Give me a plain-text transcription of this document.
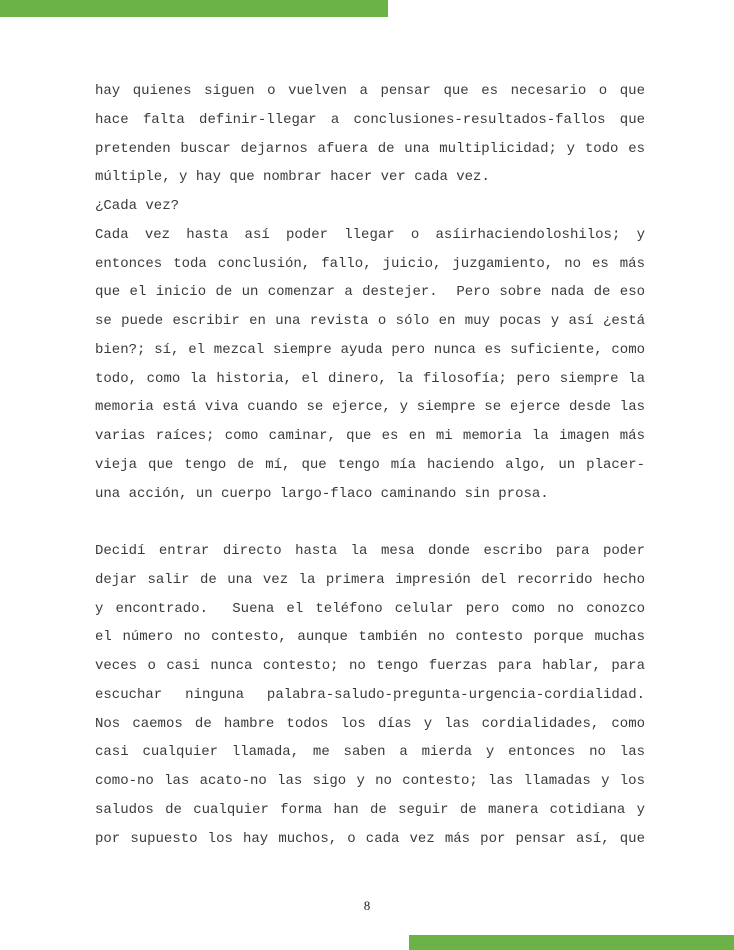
hay quienes siguen o vuelven a pensar que es necesario o que
hace falta definir-llegar a conclusiones-resultados-fallos que
pretenden buscar dejarnos afuera de una multiplicidad; y todo es
múltiple, y hay que nombrar hacer ver cada vez.
¿Cada vez?
Cada vez hasta así poder llegar o asíirhaciendoloshilos; y
entonces toda conclusión, fallo, juicio, juzgamiento, no es más
que el inicio de un comenzar a destejer.  Pero sobre nada de eso
se puede escribir en una revista o sólo en muy pocas y así ¿está
bien?; sí, el mezcal siempre ayuda pero nunca es suficiente, como
todo, como la historia, el dinero, la filosofía; pero siempre la
memoria está viva cuando se ejerce, y siempre se ejerce desde las
varias raíces; como caminar, que es en mi memoria la imagen más
vieja que tengo de mí, que tengo mía haciendo algo, un placer-
una acción, un cuerpo largo-flaco caminando sin prosa.
Decidí entrar directo hasta la mesa donde escribo para poder
dejar salir de una vez la primera impresión del recorrido hecho
y encontrado.  Suena el teléfono celular pero como no conozco
el número no contesto, aunque también no contesto porque muchas
veces o casi nunca contesto; no tengo fuerzas para hablar, para
escuchar ninguna palabra-saludo-pregunta-urgencia-cordialidad.
Nos caemos de hambre todos los días y las cordialidades, como
casi cualquier llamada, me saben a mierda y entonces no las
como-no las acato-no las sigo y no contesto; las llamadas y los
saludos de cualquier forma han de seguir de manera cotidiana y
por supuesto los hay muchos, o cada vez más por pensar así, que
8
